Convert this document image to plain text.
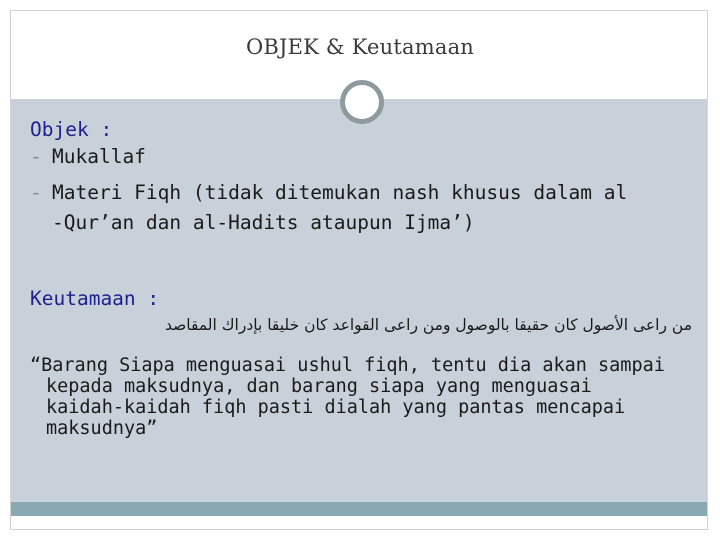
OBJEK & Keutamaan
Objek :
- Mukallaf
- Materi Fiqh (tidak ditemukan nash khusus dalam al
-Qur’an dan al-Hadits ataupun Ijma’)
Keutamaan :
من راعى الأصول كان حقيقا بالوصول ومن راعى القواعد كان خليقا بإدراك المقاصد
“Barang Siapa menguasai ushul fiqh, tentu dia akan sampai
kepada maksudnya, dan barang siapa yang menguasai
kaidah-kaidah fiqh pasti dialah yang pantas mencapai
maksudnya”
